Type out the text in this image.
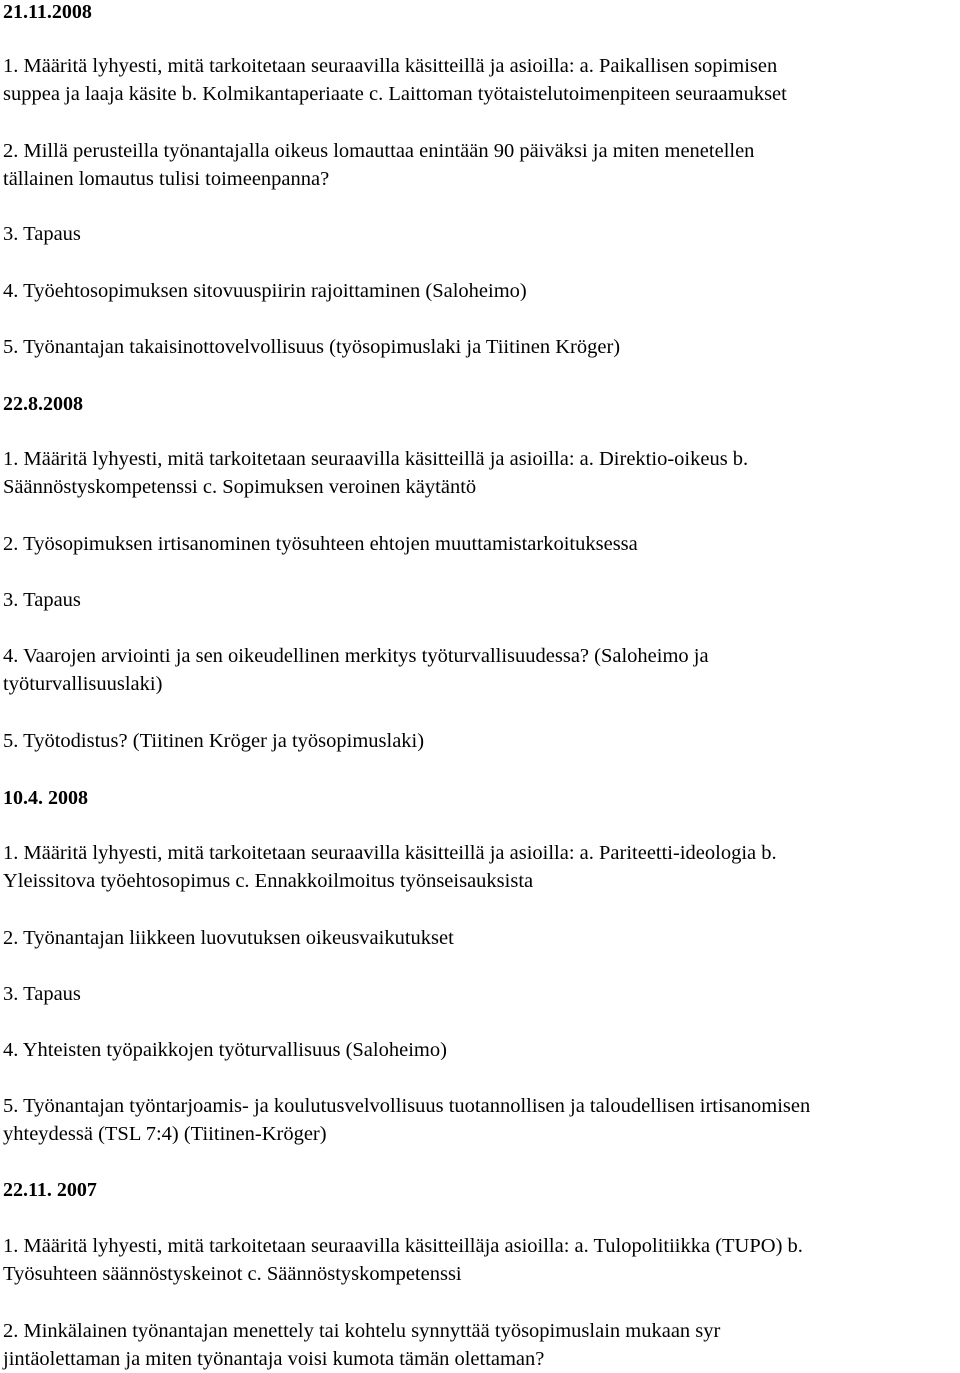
21.11.2008

1. Määritä lyhyesti, mitä tarkoitetaan seuraavilla käsitteillä ja asioilla: a. Paikallisen sopimisen
suppea ja laaja käsite b. Kolmikantaperiaate c. Laittoman työtaistelutoimenpiteen seuraamukset

2. Millä perusteilla työnantajalla oikeus lomauttaa enintään 90 päiväksi ja miten menetellen
tällainen lomautus tulisi toimeenpanna?

3. Tapaus

4. Työehtosopimuksen sitovuuspiirin rajoittaminen (Saloheimo)

5. Työnantajan takaisinottovelvollisuus (työsopimuslaki ja Tiitinen Kröger)

22.8.2008

1. Määritä lyhyesti, mitä tarkoitetaan seuraavilla käsitteillä ja asioilla: a. Direktio-oikeus b.
Säännöstyskompetenssi c. Sopimuksen veroinen käytäntö

2. Työsopimuksen irtisanominen työsuhteen ehtojen muuttamistarkoituksessa

3. Tapaus

4. Vaarojen arviointi ja sen oikeudellinen merkitys työturvallisuudessa? (Saloheimo ja
työturvallisuuslaki)

5. Työtodistus? (Tiitinen Kröger ja työsopimuslaki)

10.4. 2008

1. Määritä lyhyesti, mitä tarkoitetaan seuraavilla käsitteillä ja asioilla: a. Pariteetti-ideologia b.
Yleissitova työehtosopimus c. Ennakkoilmoitus työnseisauksista

2. Työnantajan liikkeen luovutuksen oikeusvaikutukset

3. Tapaus

4. Yhteisten työpaikkojen työturvallisuus (Saloheimo)

5. Työnantajan työntarjoamis- ja koulutusvelvollisuus tuotannollisen ja taloudellisen irtisanomisen
yhteydessä (TSL 7:4) (Tiitinen-Kröger)

22.11. 2007

1. Määritä lyhyesti, mitä tarkoitetaan seuraavilla käsitteilläja asioilla: a. Tulopolitiikka (TUPO) b.
Työsuhteen säännöstyskeinot c. Säännöstyskompetenssi

2. Minkälainen työnantajan menettely tai kohtelu synnyttää työsopimuslain mukaan syr
jintäolettaman ja miten työnantaja voisi kumota tämän olettaman?
